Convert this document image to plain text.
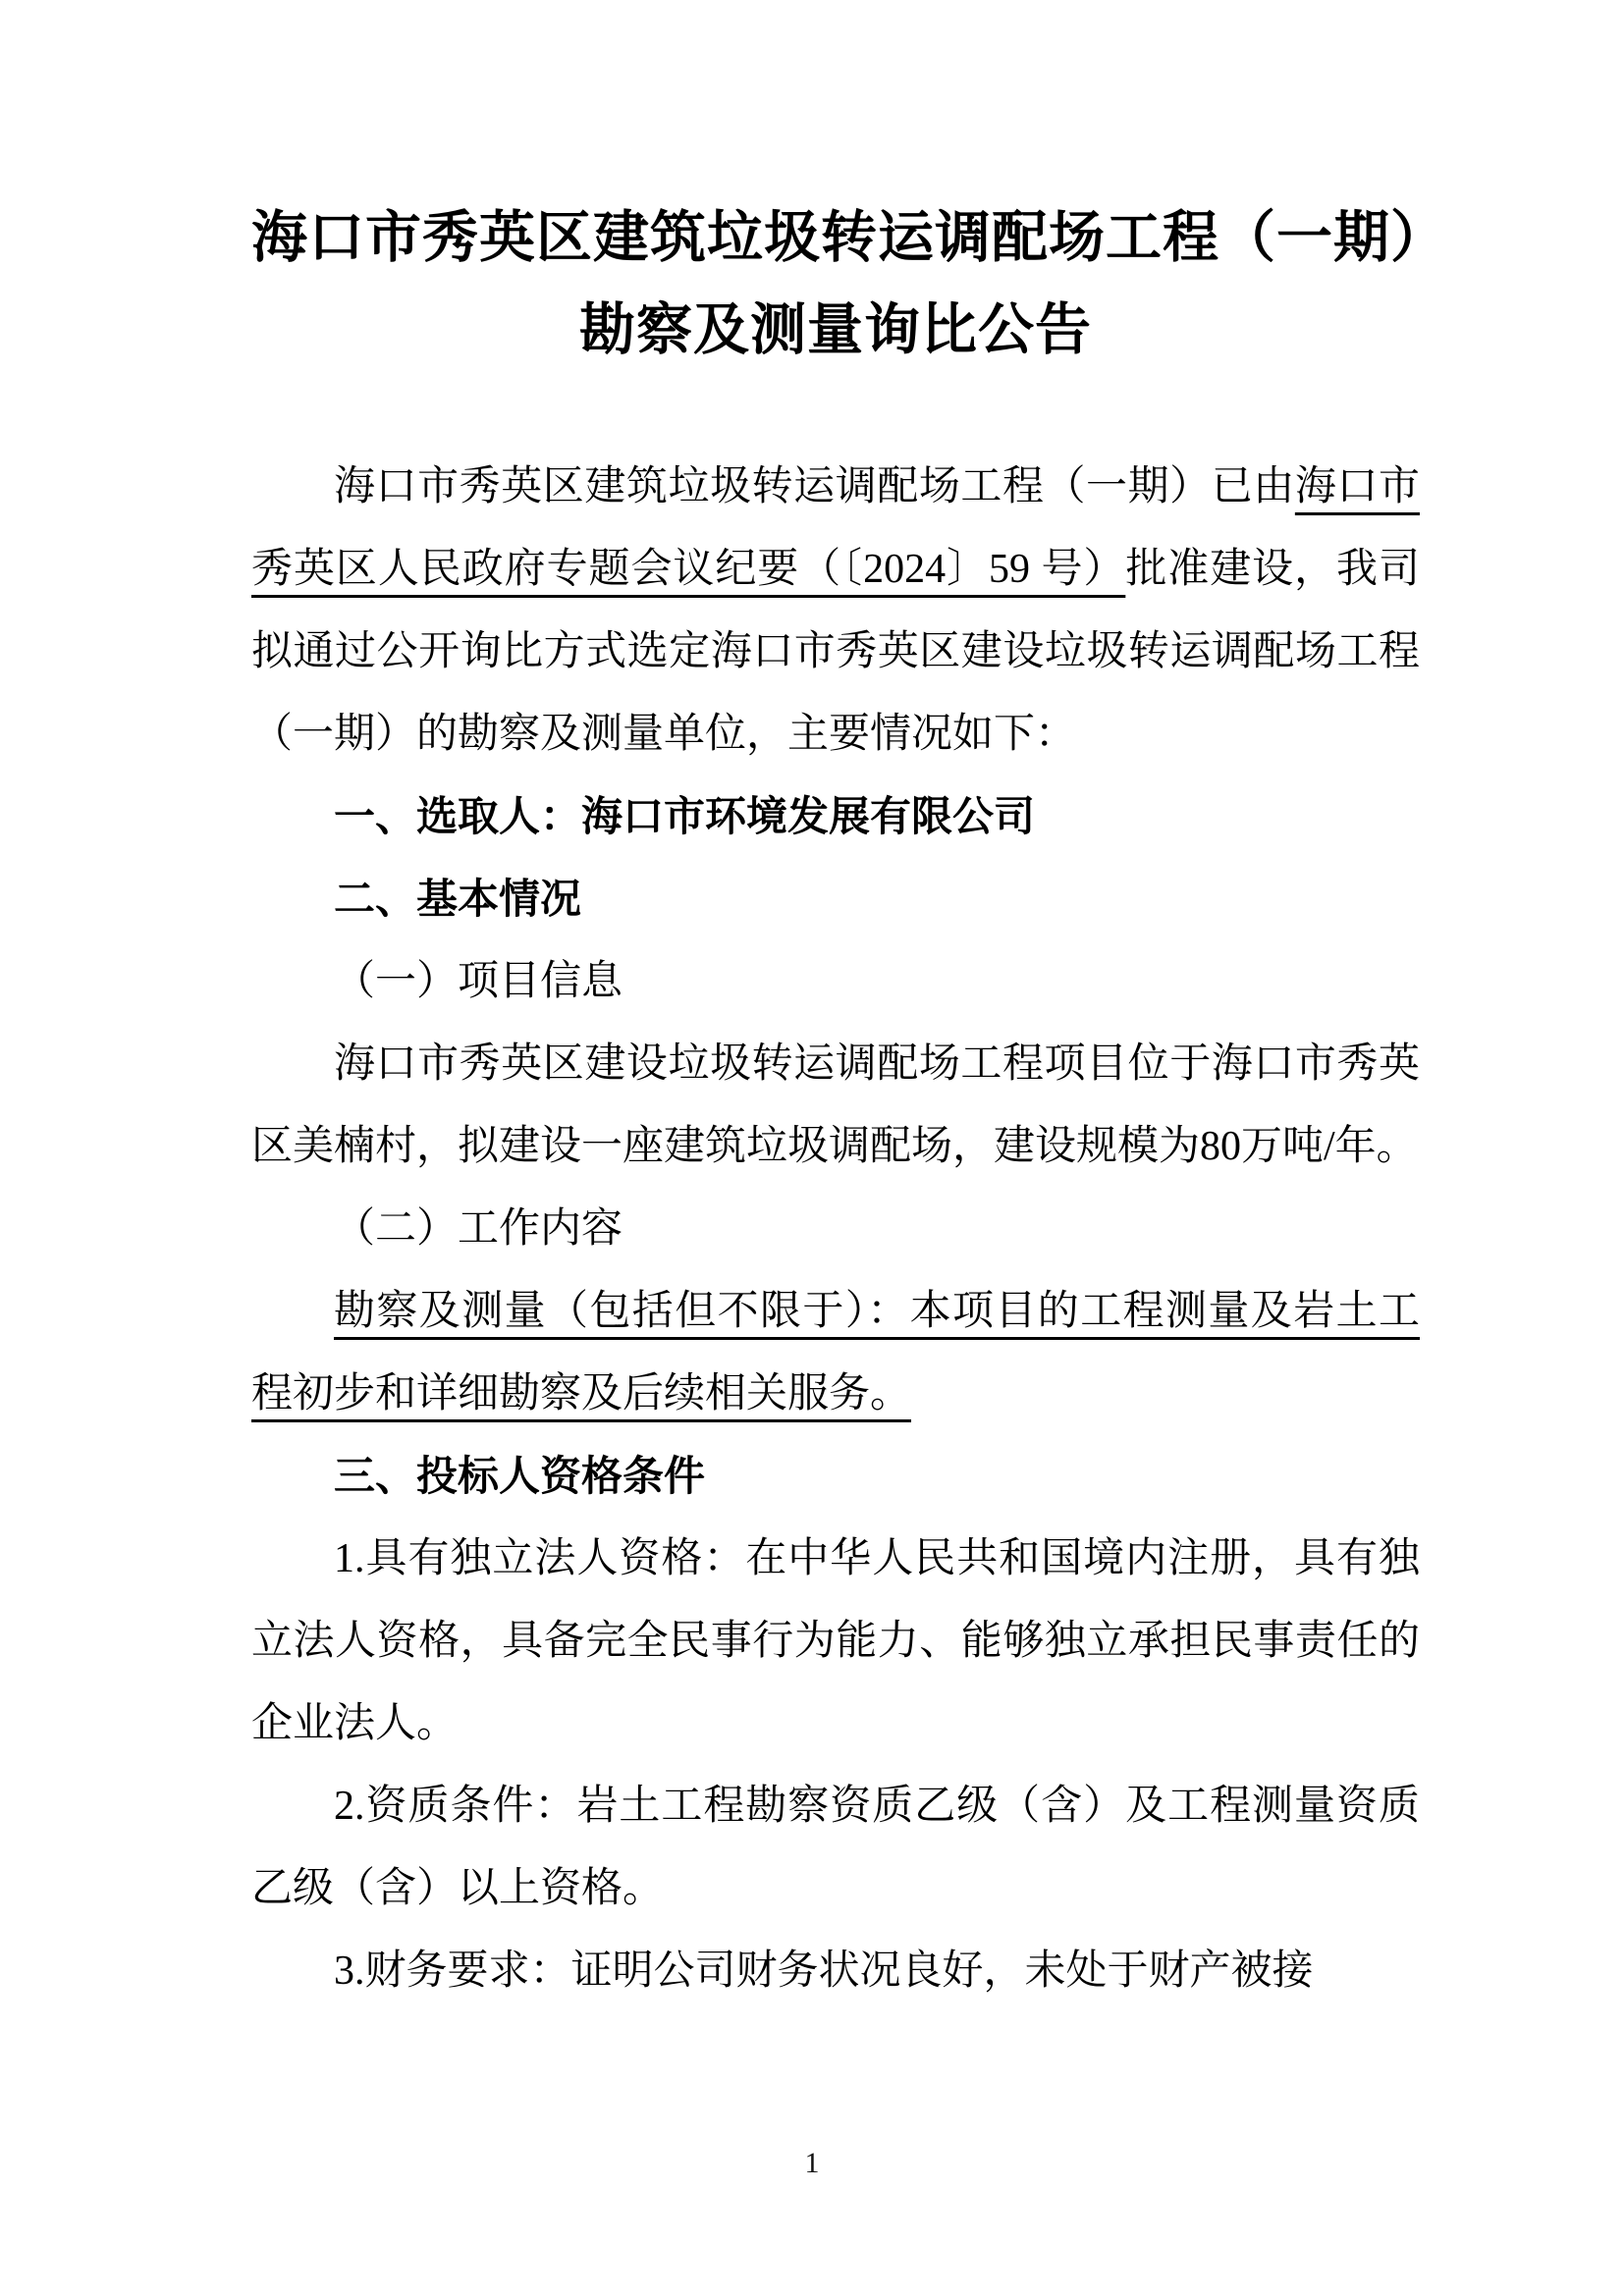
海口市秀英区建筑垃圾转运调配场工程（一期）
勘察及测量询比公告

海口市秀英区建筑垃圾转运调配场工程（一期）已由海口市秀英区人民政府专题会议纪要（〔2024〕59 号）批准建设，我司拟通过公开询比方式选定海口市秀英区建设垃圾转运调配场工程（一期）的勘察及测量单位，主要情况如下：

一、选取人：海口市环境发展有限公司

二、基本情况

（一）项目信息

海口市秀英区建设垃圾转运调配场工程项目位于海口市秀英区美楠村，拟建设一座建筑垃圾调配场，建设规模为80万吨/年。

（二）工作内容

勘察及测量（包括但不限于）：本项目的工程测量及岩土工程初步和详细勘察及后续相关服务。

三、投标人资格条件

1.具有独立法人资格：在中华人民共和国境内注册，具有独立法人资格，具备完全民事行为能力、能够独立承担民事责任的企业法人。

2.资质条件：岩土工程勘察资质乙级（含）及工程测量资质乙级（含）以上资格。

3.财务要求：证明公司财务状况良好，未处于财产被接

1
